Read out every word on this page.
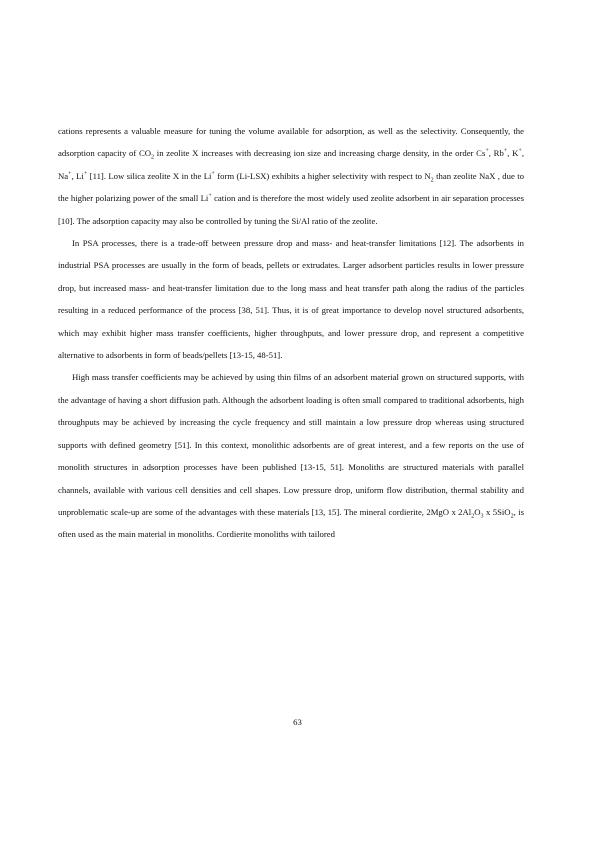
cations represents a valuable measure for tuning the volume available for adsorption, as well as the selectivity. Consequently, the adsorption capacity of $CO_2$ in zeolite X increases with decreasing ion size and increasing charge density, in the order Cs+, Rb+, K+, Na+, Li+ [11]. Low silica zeolite X in the Li+ form (Li-LSX) exhibits a higher selectivity with respect to $N_2$ than zeolite NaX , due to the higher polarizing power of the small Li+ cation and is therefore the most widely used zeolite adsorbent in air separation processes [10]. The adsorption capacity may also be controlled by tuning the Si/Al ratio of the zeolite.

In PSA processes, there is a trade-off between pressure drop and mass- and heat-transfer limitations [12]. The adsorbents in industrial PSA processes are usually in the form of beads, pellets or extrudates. Larger adsorbent particles results in lower pressure drop, but increased mass- and heat-transfer limitation due to the long mass and heat transfer path along the radius of the particles resulting in a reduced performance of the process [38, 51]. Thus, it is of great importance to develop novel structured adsorbents, which may exhibit higher mass transfer coefficients, higher throughputs, and lower pressure drop, and represent a competitive alternative to adsorbents in form of beads/pellets [13-15, 48-51].

High mass transfer coefficients may be achieved by using thin films of an adsorbent material grown on structured supports, with the advantage of having a short diffusion path. Although the adsorbent loading is often small compared to traditional adsorbents, high throughputs may be achieved by increasing the cycle frequency and still maintain a low pressure drop whereas using structured supports with defined geometry [51]. In this context, monolithic adsorbents are of great interest, and a few reports on the use of monolith structures in adsorption processes have been published [13-15, 51]. Monoliths are structured materials with parallel channels, available with various cell densities and cell shapes. Low pressure drop, uniform flow distribution, thermal stability and unproblematic scale-up are some of the advantages with these materials [13, 15]. The mineral cordierite, 2MgO x $2Al_2O_3$ x 5SiO$_2$, is often used as the main material in monoliths. Cordierite monoliths with tailored

63
